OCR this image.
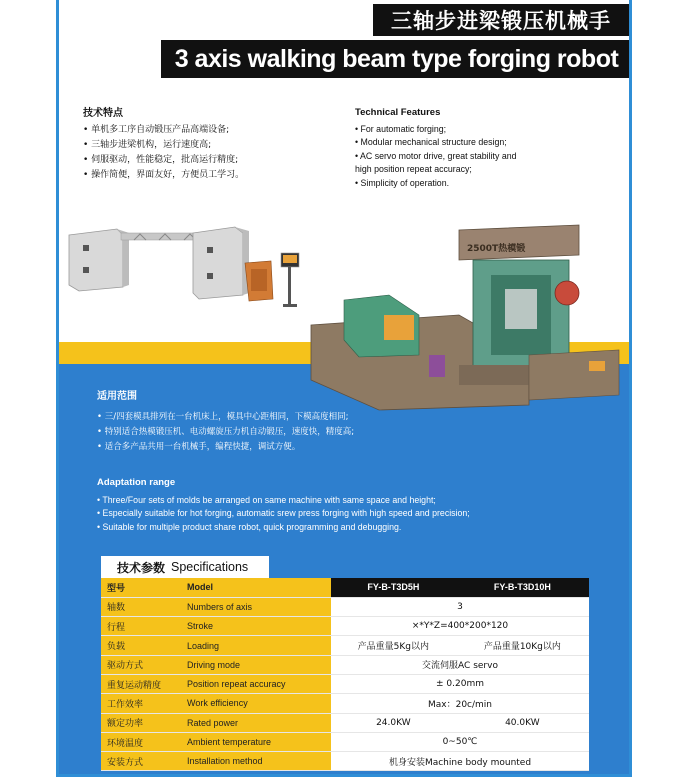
三轴步进梁锻压机械手
3 axis walking beam type forging robot
技术特点
• 单机多工序自动锻压产品高端设备;
• 三轴步进梁机构，运行速度高;
• 伺服驱动，性能稳定，批高运行精度;
• 操作简便，界面友好，方便员工学习。
Technical Features
• For automatic forging;
• Modular mechanical structure design;
• AC servo motor drive, great stability and high position repeat accuracy;
• Simplicity of operation.
2500T热模锻
适用范围
• 三/四套模具排列在一台机床上，模具中心距相同，下模高度相同;
• 特别适合热模锻压机、电动螺旋压力机自动锻压，速度快，精度高;
• 适合多产品共用一台机械手，编程快捷，调试方便。
Adaptation range
• Three/Four sets of molds be arranged on same machine with same space and height;
• Especially suitable for hot forging, automatic srew press forging with high speed and precision;
• Suitable for multiple product share robot, quick programming and debugging.
技术参数 Specifications
型号	Model	FY-B-T3D5H	FY-B-T3D10H
轴数	Numbers of axis	3	
行程	Stroke	×*Y*Z=400*200*120	
负载	Loading	产品重量5Kg以内	产品重量10Kg以内
驱动方式	Driving mode	交流伺服AC servo	
重复运动精度	Position repeat accuracy	± 0.20mm	
工作效率	Work efficiency	Max：20c/min	
额定功率	Rated power	24.0KW	40.0KW
环境温度	Ambient temperature	0~50℃	
安装方式	Installation method	机身安装Machine body mounted	
